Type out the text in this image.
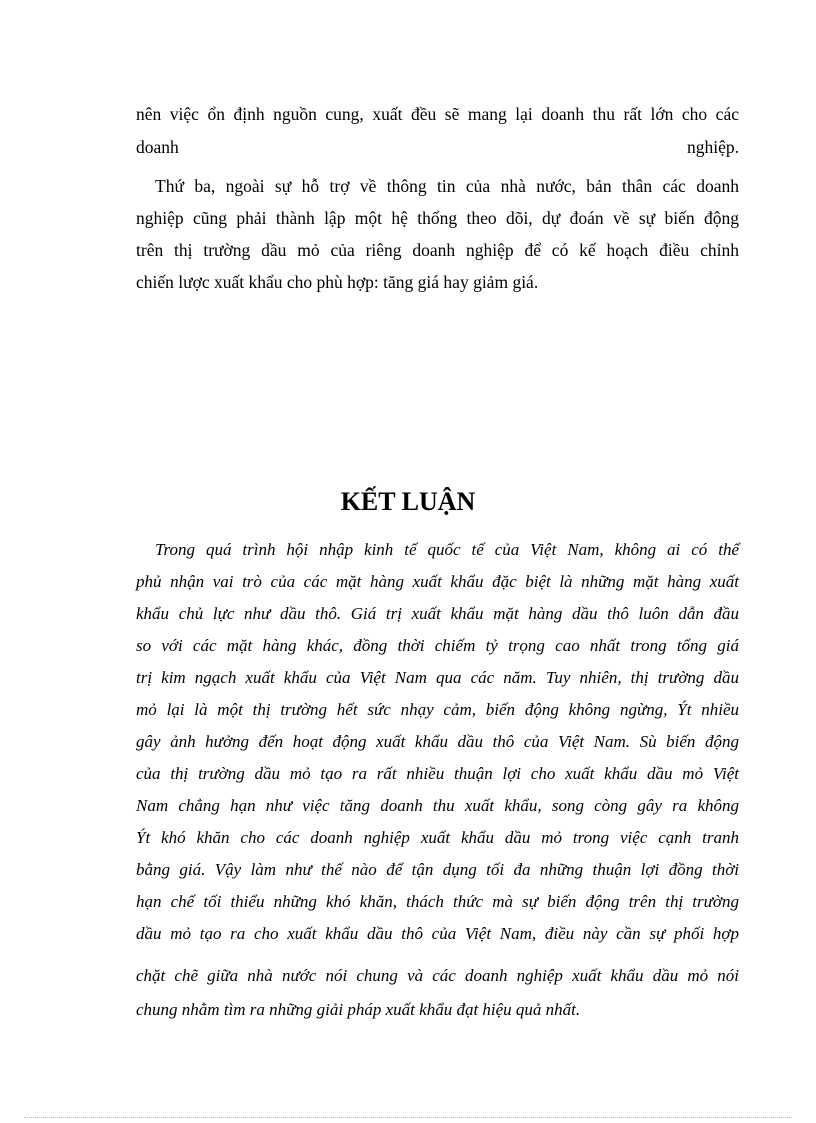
nên việc ổn định nguồn cung, xuất đều sẽ mang lại doanh thu rất lớn cho các
doanh	nghiệp.
Thứ ba, ngoài sự hỗ trợ về thông tin của nhà nước, bản thân các doanh
nghiệp cũng phải thành lập một hệ thống theo dõi, dự đoán về sự biến động
trên thị trường dầu mỏ của riêng doanh nghiệp để có kế hoạch điều chỉnh
chiến lược xuất khẩu cho phù hợp: tăng giá hay giảm giá.
KẾT LUẬN
Trong quá trình hội nhập kinh tế quốc tế của Việt Nam, không ai có thể
phủ nhận vai trò của các mặt hàng xuất khẩu đặc biệt là những mặt hàng xuất
khẩu chủ lực như dầu thô. Giá trị xuất khẩu mặt hàng dầu thô luôn dẫn đầu
so với các mặt hàng khác, đồng thời chiếm tỷ trọng cao nhất trong tổng giá
trị kim ngạch xuất khẩu của Việt Nam qua các năm. Tuy nhiên, thị trường dầu
mỏ lại là một thị trường hết sức nhạy cảm, biến động không ngừng, Ýt nhiều
gây ảnh hưởng đến hoạt động xuất khẩu dầu thô của Việt Nam. Sù biến động
của thị trường dầu mỏ tạo ra rất nhiều thuận lợi cho xuất khẩu dầu mỏ Việt
Nam chẳng hạn như việc tăng doanh thu xuất khẩu, song còng gây ra không
Ýt khó khăn cho các doanh nghiệp xuất khẩu dầu mỏ trong việc cạnh tranh
bằng giá. Vậy làm như thế nào để tận dụng tối đa những thuận lợi đồng thời
hạn chế tối thiểu những khó khăn, thách thức mà sự biến động trên thị trường
dầu mỏ tạo ra cho xuất khẩu dầu thô của Việt Nam, điều này cần sự phối hợp
chặt chẽ giữa nhà nước nói chung và các doanh nghiệp xuất khẩu dầu mỏ nói
chung nhằm tìm ra những giải pháp xuất khẩu đạt hiệu quả nhất.
